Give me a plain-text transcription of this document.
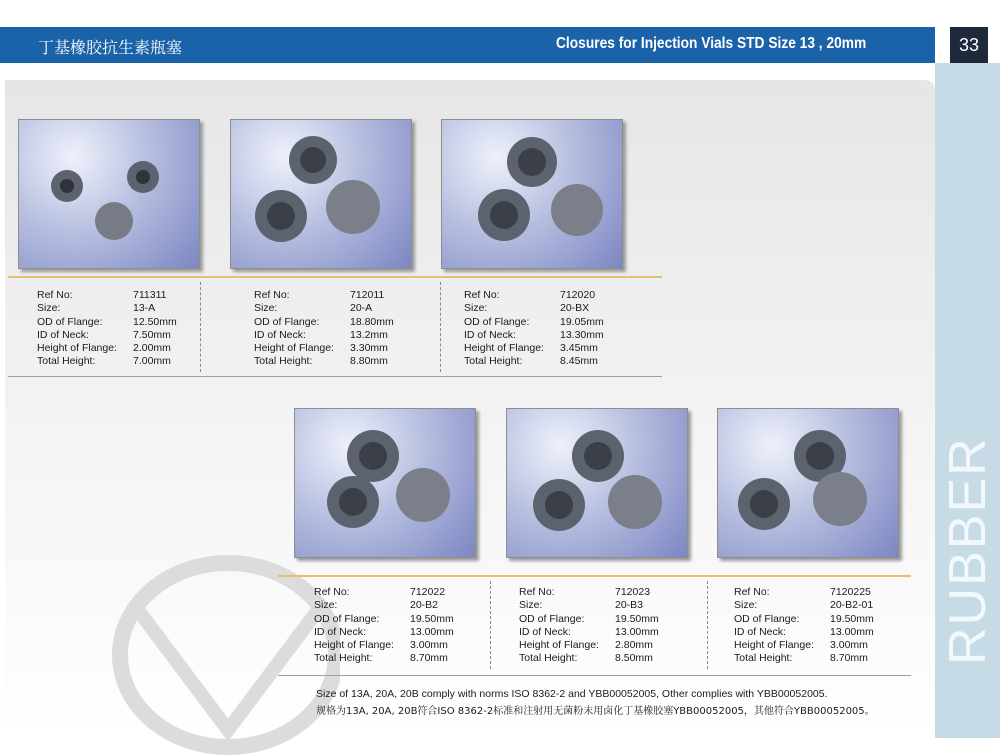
丁基橡胶抗生素瓶塞	Closures for Injection Vials STD Size 13 , 20mm	33
RUBBER
Ref No:	711311
Size:	13-A
OD of Flange:	12.50mm
ID of Neck:	7.50mm
Height of Flange: 2.00mm
Total Height:	7.00mm
Ref No:	712011
Size:	20-A
OD of Flange:	18.80mm
ID of Neck:	13.2mm
Height of Flange: 3.30mm
Total Height:	8.80mm
Ref No:	712020
Size:	20-BX
OD of Flange:	19.05mm
ID of Neck:	13.30mm
Height of Flange: 3.45mm
Total Height:	8.45mm
Ref No:	712022
Size:	20-B2
OD of Flange:	19.50mm
ID of Neck:	13.00mm
Height of Flange: 3.00mm
Total Height:	8.70mm
Ref No:	712023
Size:	20-B3
OD of Flange:	19.50mm
ID of Neck:	13.00mm
Height of Flange: 2.80mm
Total Height:	8.50mm
Ref No:	7120225
Size:	20-B2-01
OD of Flange:	19.50mm
ID of Neck:	13.00mm
Height of Flange: 3.00mm
Total Height:	8.70mm
Size of 13A, 20A, 20B comply with norms ISO 8362-2 and YBB00052005, Other complies with YBB00052005.
规格为13A, 20A, 20B符合ISO 8362-2标准和注射用无菌粉末用卤化丁基橡胶塞YBB00052005，其他符合YBB00052005。
